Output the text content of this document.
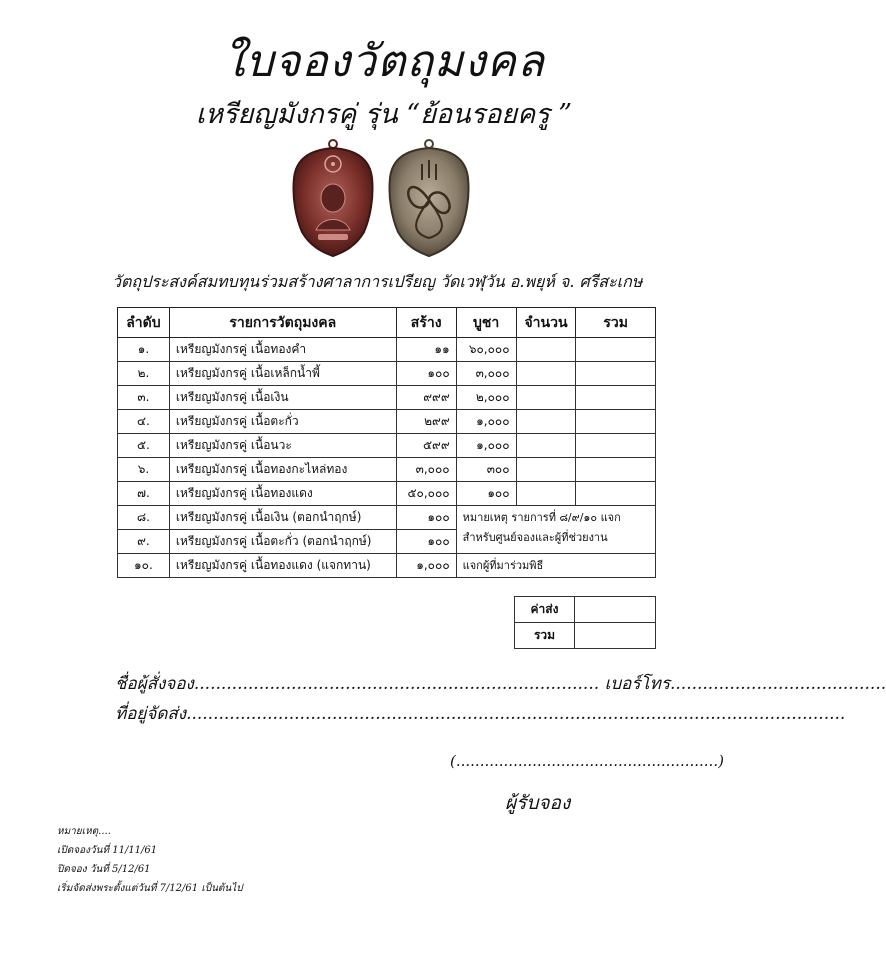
ใบจองวัตถุมงคล
เหรียญมังกรคู่ รุ่น “ย้อนรอยครู ”
วัตถุประสงค์สมทบทุนร่วมสร้างศาลาการเปรียญ วัดเวฬุวัน อ.พยุห์ จ. ศรีสะเกษ
ลำดับ	รายการวัตถุมงคล	สร้าง	บูชา	จำนวน	รวม
๑.	เหรียญมังกรคู่ เนื้อทองคำ	๑๑	๖๐,๐๐๐		
๒.	เหรียญมังกรคู่ เนื้อเหล็กน้ำพี้	๑๐๐	๓,๐๐๐		
๓.	เหรียญมังกรคู่ เนื้อเงิน	๙๙๙	๒,๐๐๐		
๔.	เหรียญมังกรคู่ เนื้อตะกั่ว	๒๙๙	๑,๐๐๐		
๕.	เหรียญมังกรคู่ เนื้อนวะ	๕๙๙	๑,๐๐๐		
๖.	เหรียญมังกรคู่ เนื้อทองกะไหล่ทอง	๓,๐๐๐	๓๐๐		
๗.	เหรียญมังกรคู่ เนื้อทองแดง	๕๐,๐๐๐	๑๐๐		
๘.	เหรียญมังกรคู่ เนื้อเงิน (ตอกนำฤกษ์)	๑๐๐	หมายเหตุ รายการที่ ๘/๙/๑๐ แจกสำหรับศูนย์จองและผู้ที่ช่วยงาน		
๙.	เหรียญมังกรคู่ เนื้อตะกั่ว (ตอกนำฤกษ์)	๑๐๐			
๑๐.	เหรียญมังกรคู่ เนื้อทองแดง (แจกทาน)	๑,๐๐๐	แจกผู้ที่มาร่วมพิธี		
ค่าส่ง	
รวม	
ชื่อผู้สั่งจอง........................................................................... เบอร์โทร........................................
ที่อยู่จัดส่ง..........................................................................................................................
(.......................................................)
ผู้รับจอง
หมายเหตุ....
เปิดจองวันที่ 11/11/61
ปิดจอง วันที่ 5/12/61
เริ่มจัดส่งพระตั้งแต่วันที่ 7/12/61 เป็นต้นไป
